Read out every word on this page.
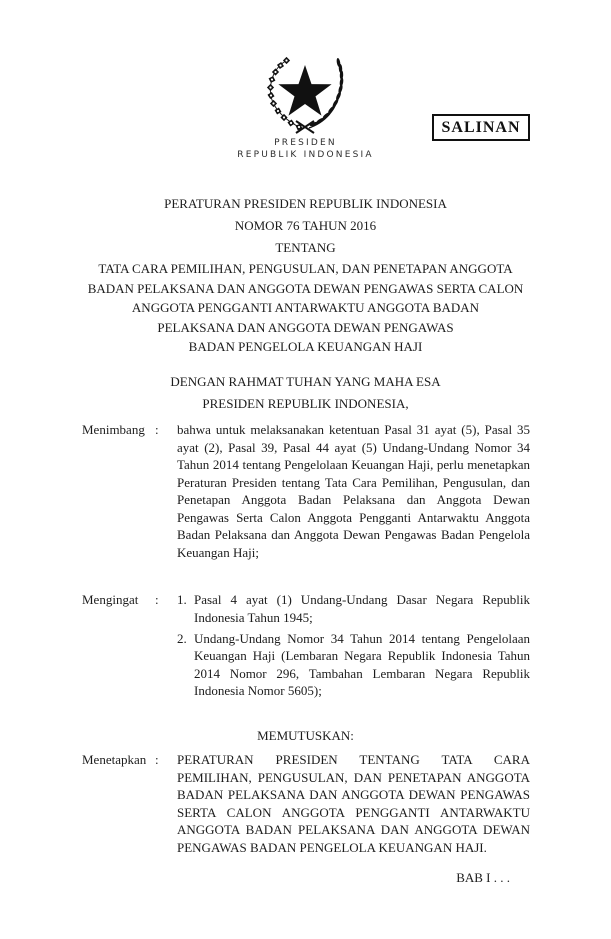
PRESIDEN
REPUBLIK INDONESIA
SALINAN
PERATURAN PRESIDEN REPUBLIK INDONESIA
NOMOR 76 TAHUN 2016
TENTANG
TATA CARA PEMILIHAN, PENGUSULAN, DAN PENETAPAN ANGGOTA
BADAN PELAKSANA DAN ANGGOTA DEWAN PENGAWAS SERTA CALON
ANGGOTA PENGGANTI ANTARWAKTU ANGGOTA BADAN
PELAKSANA DAN ANGGOTA DEWAN PENGAWAS
BADAN PENGELOLA KEUANGAN HAJI
DENGAN RAHMAT TUHAN YANG MAHA ESA
PRESIDEN REPUBLIK INDONESIA,
Menimbang :	bahwa untuk melaksanakan ketentuan Pasal 31 ayat (5), Pasal 35 ayat (2), Pasal 39, Pasal 44 ayat (5) Undang-Undang Nomor 34 Tahun 2014 tentang Pengelolaan Keuangan Haji, perlu menetapkan Peraturan Presiden tentang Tata Cara Pemilihan, Pengusulan, dan Penetapan Anggota Badan Pelaksana dan Anggota Dewan Pengawas Serta Calon Anggota Pengganti Antarwaktu Anggota Badan Pelaksana dan Anggota Dewan Pengawas Badan Pengelola Keuangan Haji;
Mengingat	:	1. Pasal 4 ayat (1) Undang-Undang Dasar Negara Republik Indonesia Tahun 1945;
2. Undang-Undang Nomor 34 Tahun 2014 tentang Pengelolaan Keuangan Haji (Lembaran Negara Republik Indonesia Tahun 2014 Nomor 296, Tambahan Lembaran Negara Republik Indonesia Nomor 5605);
MEMUTUSKAN:
Menetapkan :	PERATURAN PRESIDEN TENTANG TATA CARA PEMILIHAN, PENGUSULAN, DAN PENETAPAN ANGGOTA BADAN PELAKSANA DAN ANGGOTA DEWAN PENGAWAS SERTA CALON ANGGOTA PENGGANTI ANTARWAKTU ANGGOTA BADAN PELAKSANA DAN ANGGOTA DEWAN PENGAWAS BADAN PENGELOLA KEUANGAN HAJI.
BAB I . . .
